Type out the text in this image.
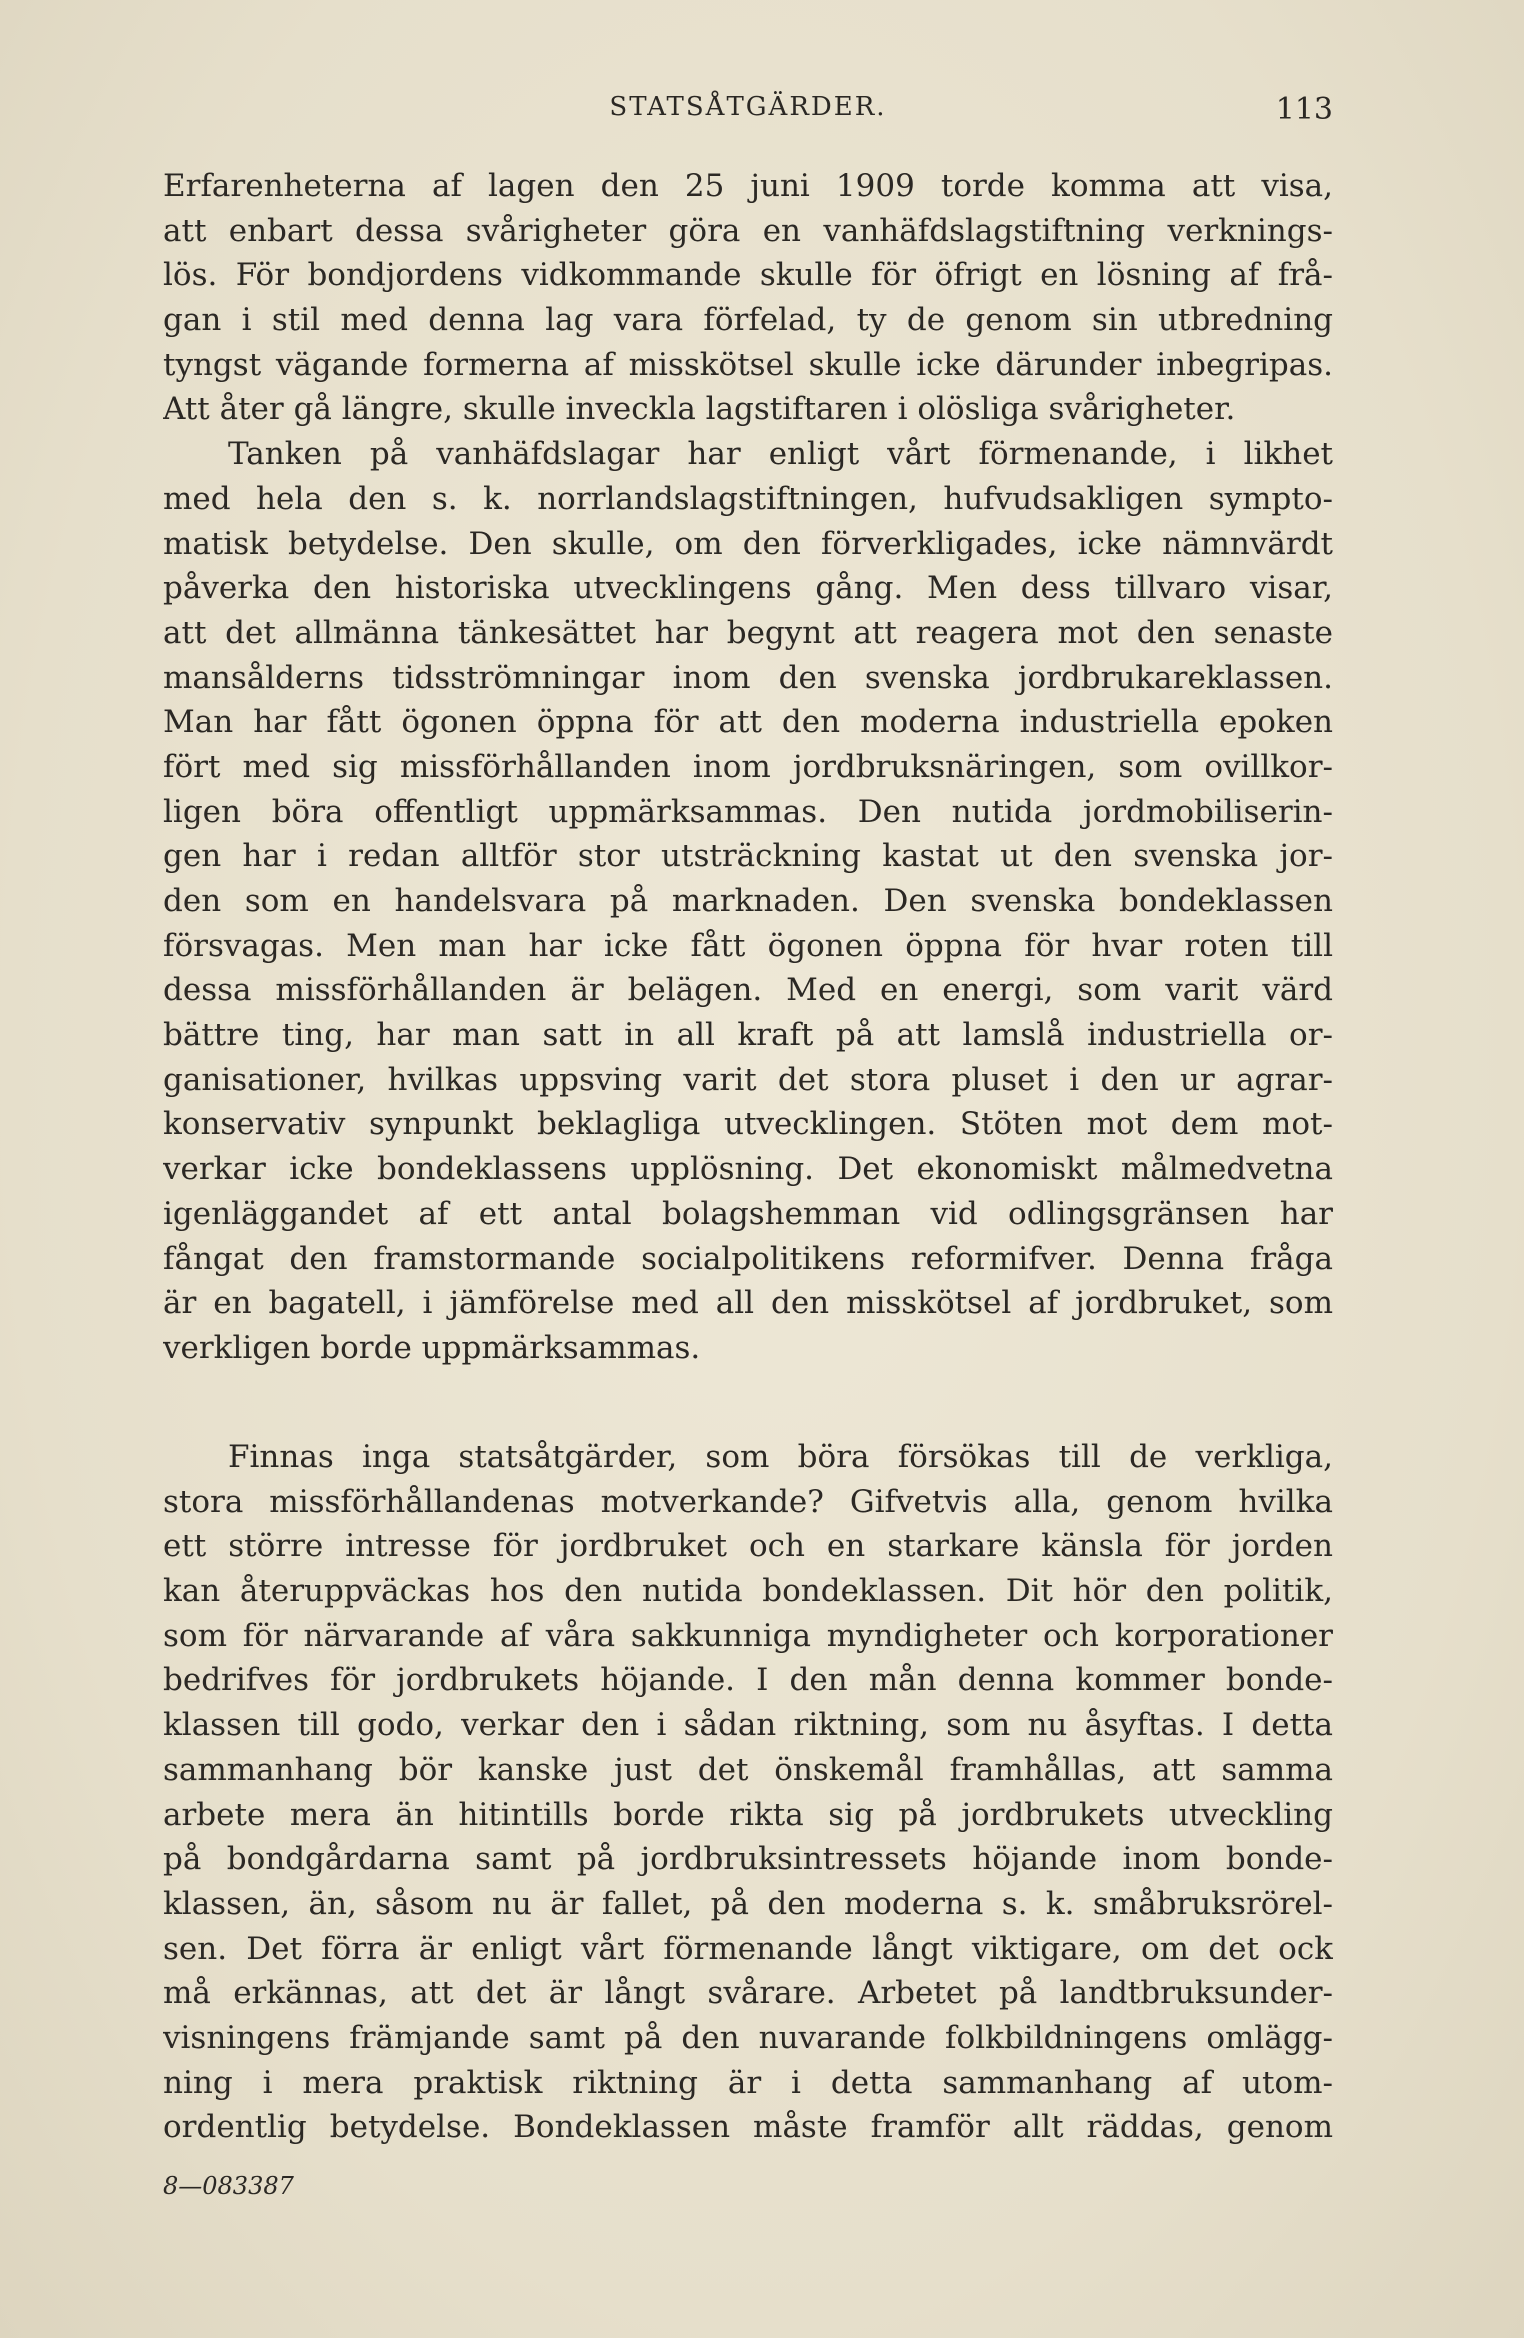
STATSÅTGÄRDER.	113
Erfarenheterna af lagen den 25 juni 1909 torde komma att visa,
att enbart dessa svårigheter göra en vanhäfdslagstiftning verknings-
lös. För bondjordens vidkommande skulle för öfrigt en lösning af frå-
gan i stil med denna lag vara förfelad, ty de genom sin utbredning
tyngst vägande formerna af misskötsel skulle icke därunder inbegripas.
Att åter gå längre, skulle inveckla lagstiftaren i olösliga svårigheter.
Tanken på vanhäfdslagar har enligt vårt förmenande, i likhet
med hela den s. k. norrlandslagstiftningen, hufvudsakligen sympto-
matisk betydelse. Den skulle, om den förverkligades, icke nämnvärdt
påverka den historiska utvecklingens gång. Men dess tillvaro visar,
att det allmänna tänkesättet har begynt att reagera mot den senaste
mansålderns tidsströmningar inom den svenska jordbrukareklassen.
Man har fått ögonen öppna för att den moderna industriella epoken
fört med sig missförhållanden inom jordbruksnäringen, som ovillkor-
ligen böra offentligt uppmärksammas. Den nutida jordmobiliserin-
gen har i redan alltför stor utsträckning kastat ut den svenska jor-
den som en handelsvara på marknaden. Den svenska bondeklassen
försvagas. Men man har icke fått ögonen öppna för hvar roten till
dessa missförhållanden är belägen. Med en energi, som varit värd
bättre ting, har man satt in all kraft på att lamslå industriella or-
ganisationer, hvilkas uppsving varit det stora pluset i den ur agrar-
konservativ synpunkt beklagliga utvecklingen. Stöten mot dem mot-
verkar icke bondeklassens upplösning. Det ekonomiskt målmedvetna
igenläggandet af ett antal bolagshemman vid odlingsgränsen har
fångat den framstormande socialpolitikens reformifver. Denna fråga
är en bagatell, i jämförelse med all den misskötsel af jordbruket, som
verkligen borde uppmärksammas.
Finnas inga statsåtgärder, som böra försökas till de verkliga,
stora missförhållandenas motverkande? Gifvetvis alla, genom hvilka
ett större intresse för jordbruket och en starkare känsla för jorden
kan återuppväckas hos den nutida bondeklassen. Dit hör den politik,
som för närvarande af våra sakkunniga myndigheter och korporationer
bedrifves för jordbrukets höjande. I den mån denna kommer bonde-
klassen till godo, verkar den i sådan riktning, som nu åsyftas. I detta
sammanhang bör kanske just det önskemål framhållas, att samma
arbete mera än hitintills borde rikta sig på jordbrukets utveckling
på bondgårdarna samt på jordbruksintressets höjande inom bonde-
klassen, än, såsom nu är fallet, på den moderna s. k. småbruksrörel-
sen. Det förra är enligt vårt förmenande långt viktigare, om det ock
må erkännas, att det är långt svårare. Arbetet på landtbruksunder-
visningens främjande samt på den nuvarande folkbildningens omlägg-
ning i mera praktisk riktning är i detta sammanhang af utom-
ordentlig betydelse. Bondeklassen måste framför allt räddas, genom
8—083387
